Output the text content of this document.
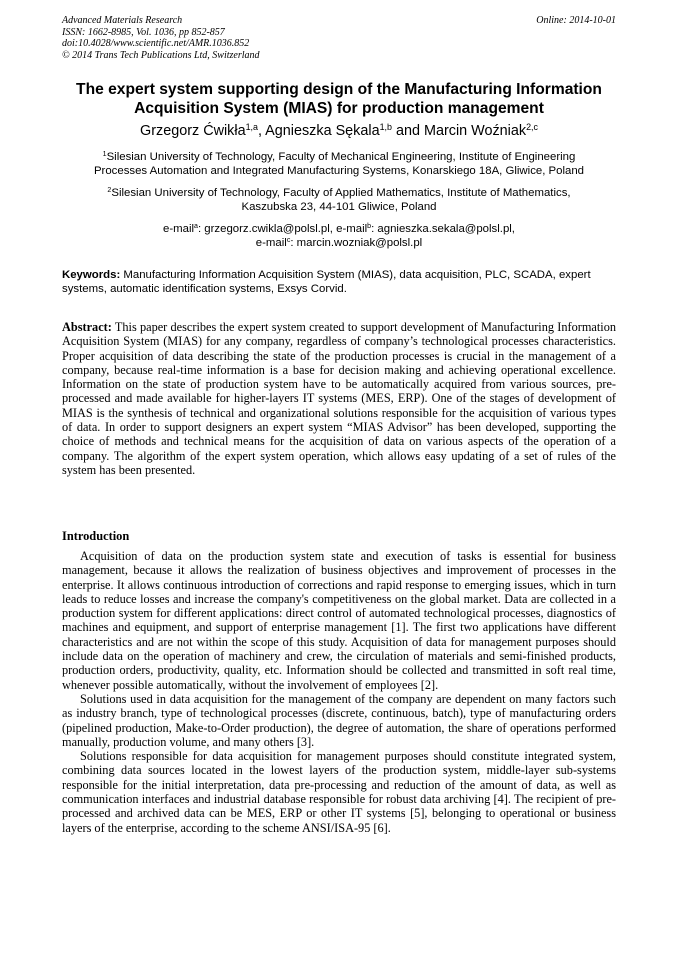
Advanced Materials Research
ISSN: 1662-8985, Vol. 1036, pp 852-857
doi:10.4028/www.scientific.net/AMR.1036.852
© 2014 Trans Tech Publications Ltd, Switzerland
Online: 2014-10-01
The expert system supporting design of the Manufacturing Information
Acquisition System (MIAS) for production management
Grzegorz Ćwikła$^{1,a}$, Agnieszka Sękala$^{1,b}$ and Marcin Woźniak$^{2,c}$
$^1$Silesian University of Technology, Faculty of Mechanical Engineering, Institute of Engineering
Processes Automation and Integrated Manufacturing Systems, Konarskiego 18A, Gliwice, Poland
$^2$Silesian University of Technology, Faculty of Applied Mathematics, Institute of Mathematics,
Kaszubska 23, 44-101 Gliwice, Poland
e-mail$^a$: grzegorz.cwikla@polsl.pl, e-mail$^b$: agnieszka.sekala@polsl.pl,
e-mail$^c$: marcin.wozniak@polsl.pl
Keywords: Manufacturing Information Acquisition System (MIAS), data acquisition, PLC, SCADA, expert systems, automatic identification systems, Exsys Corvid.
Abstract: This paper describes the expert system created to support development of Manufacturing Information Acquisition System (MIAS) for any company, regardless of company’s technological processes characteristics. Proper acquisition of data describing the state of the production processes is crucial in the management of a company, because real-time information is a base for decision making and achieving operational excellence. Information on the state of production system have to be automatically acquired from various sources, pre-processed and made available for higher-layers IT systems (MES, ERP). One of the stages of development of MIAS is the synthesis of technical and organizational solutions responsible for the acquisition of various types of data. In order to support designers an expert system “MIAS Advisor” has been developed, supporting the choice of methods and technical means for the acquisition of data on various aspects of the operation of a company. The algorithm of the expert system operation, which allows easy updating of a set of rules of the system has been presented.
Introduction

Acquisition of data on the production system state and execution of tasks is essential for business management, because it allows the realization of business objectives and improvement of processes in the enterprise. It allows continuous introduction of corrections and rapid response to emerging issues, which in turn leads to reduce losses and increase the company's competitiveness on the global market. Data are collected in a production system for different applications: direct control of automated technological processes, diagnostics of machines and equipment, and support of enterprise management [1]. The first two applications have different characteristics and are not within the scope of this study. Acquisition of data for management purposes should include data on the operation of machinery and crew, the circulation of materials and semi-finished products, production orders, productivity, quality, etc. Information should be collected and transmitted in soft real time, whenever possible automatically, without the involvement of employees [2].

Solutions used in data acquisition for the management of the company are dependent on many factors such as industry branch, type of technological processes (discrete, continuous, batch), type of manufacturing orders (pipelined production, Make-to-Order production), the degree of automation, the share of operations performed manually, production volume, and many others [3].

Solutions responsible for data acquisition for management purposes should constitute integrated system, combining data sources located in the lowest layers of the production system, middle-layer sub-systems responsible for the initial interpretation, data pre-processing and reduction of the amount of data, as well as communication interfaces and industrial database responsible for robust data archiving [4]. The recipient of pre-processed and archived data can be MES, ERP or other IT systems [5], belonging to operational or business layers of the enterprise, according to the scheme ANSI/ISA-95 [6].
